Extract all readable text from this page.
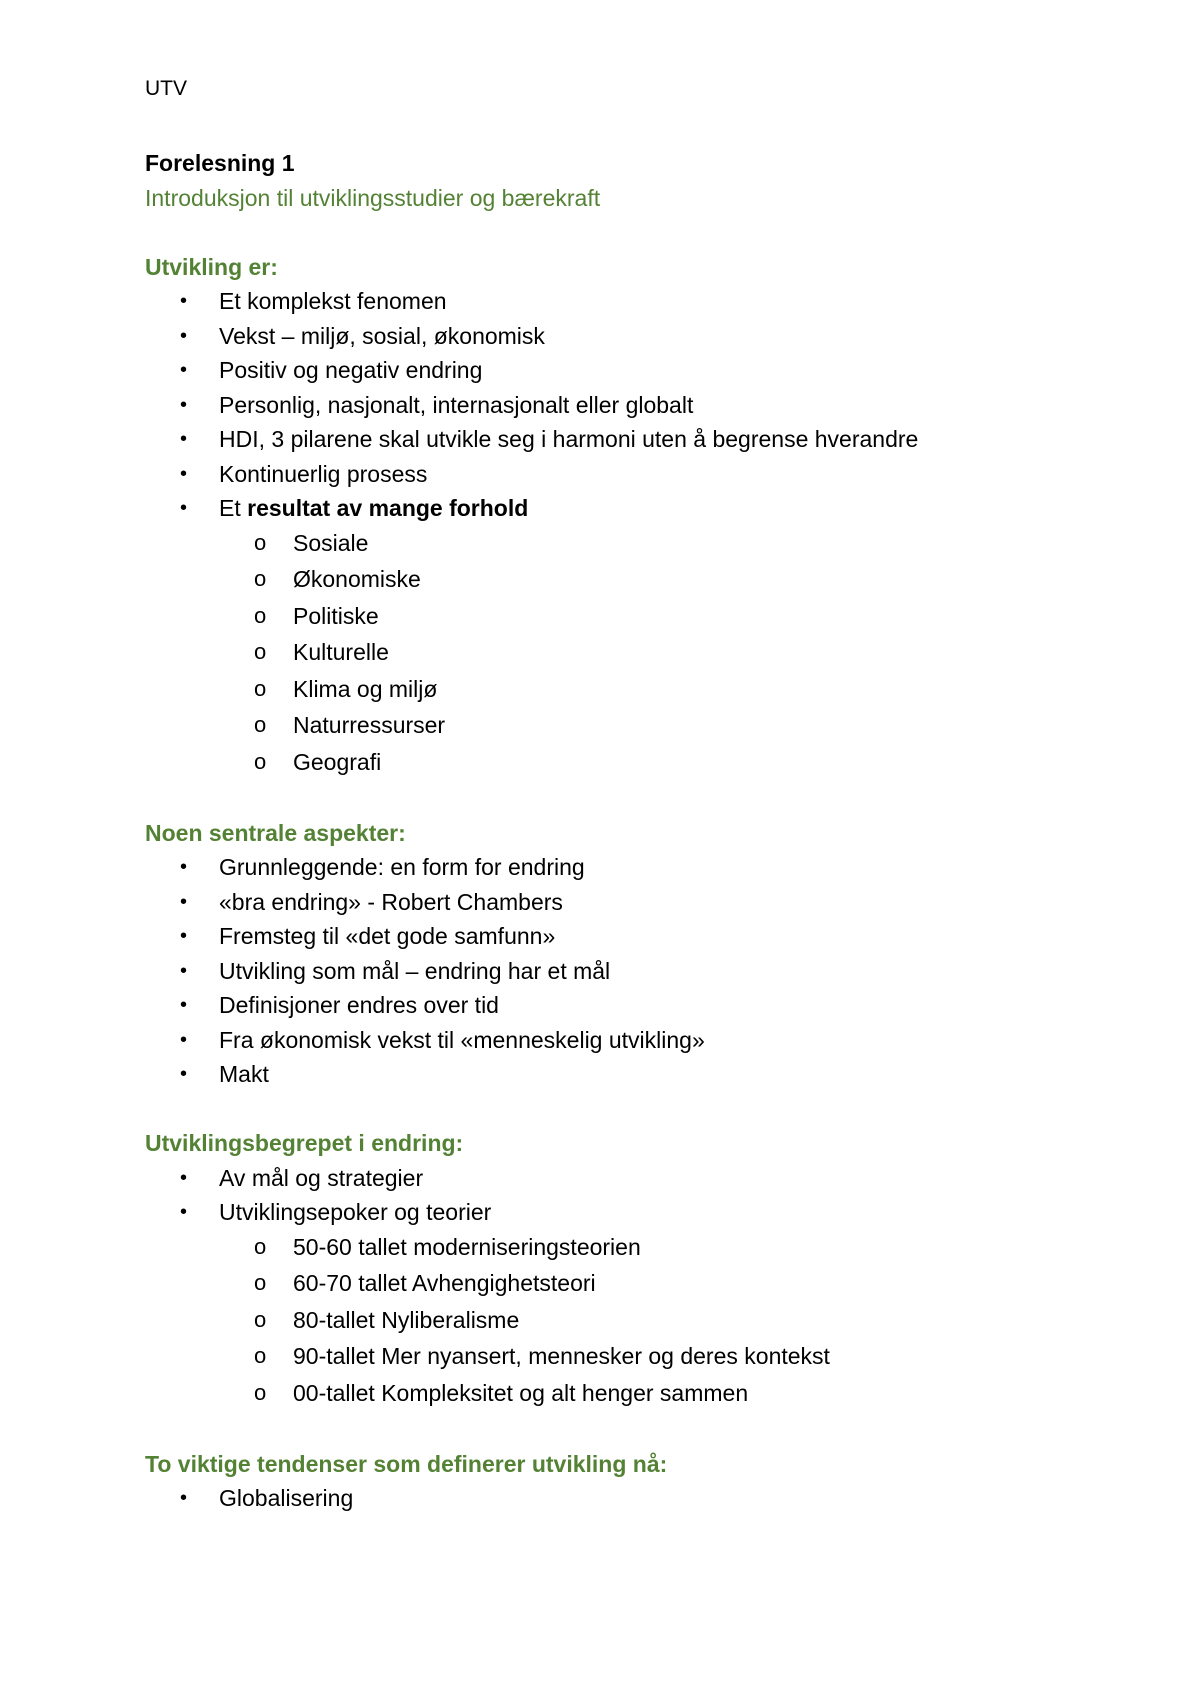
UTV
Forelesning 1
Introduksjon til utviklingsstudier og bærekraft
Utvikling er:
• Et komplekst fenomen
• Vekst – miljø, sosial, økonomisk
• Positiv og negativ endring
• Personlig, nasjonalt, internasjonalt eller globalt
• HDI, 3 pilarene skal utvikle seg i harmoni uten å begrense hverandre
• Kontinuerlig prosess
• Et resultat av mange forhold
o Sosiale
o Økonomiske
o Politiske
o Kulturelle
o Klima og miljø
o Naturressurser
o Geografi
Noen sentrale aspekter:
• Grunnleggende: en form for endring
• «bra endring» - Robert Chambers
• Fremsteg til «det gode samfunn»
• Utvikling som mål – endring har et mål
• Definisjoner endres over tid
• Fra økonomisk vekst til «menneskelig utvikling»
• Makt
Utviklingsbegrepet i endring:
• Av mål og strategier
• Utviklingsepoker og teorier
o 50-60 tallet moderniseringsteorien
o 60-70 tallet Avhengighetsteori
o 80-tallet Nyliberalisme
o 90-tallet Mer nyansert, mennesker og deres kontekst
o 00-tallet Kompleksitet og alt henger sammen
To viktige tendenser som definerer utvikling nå:
• Globalisering
